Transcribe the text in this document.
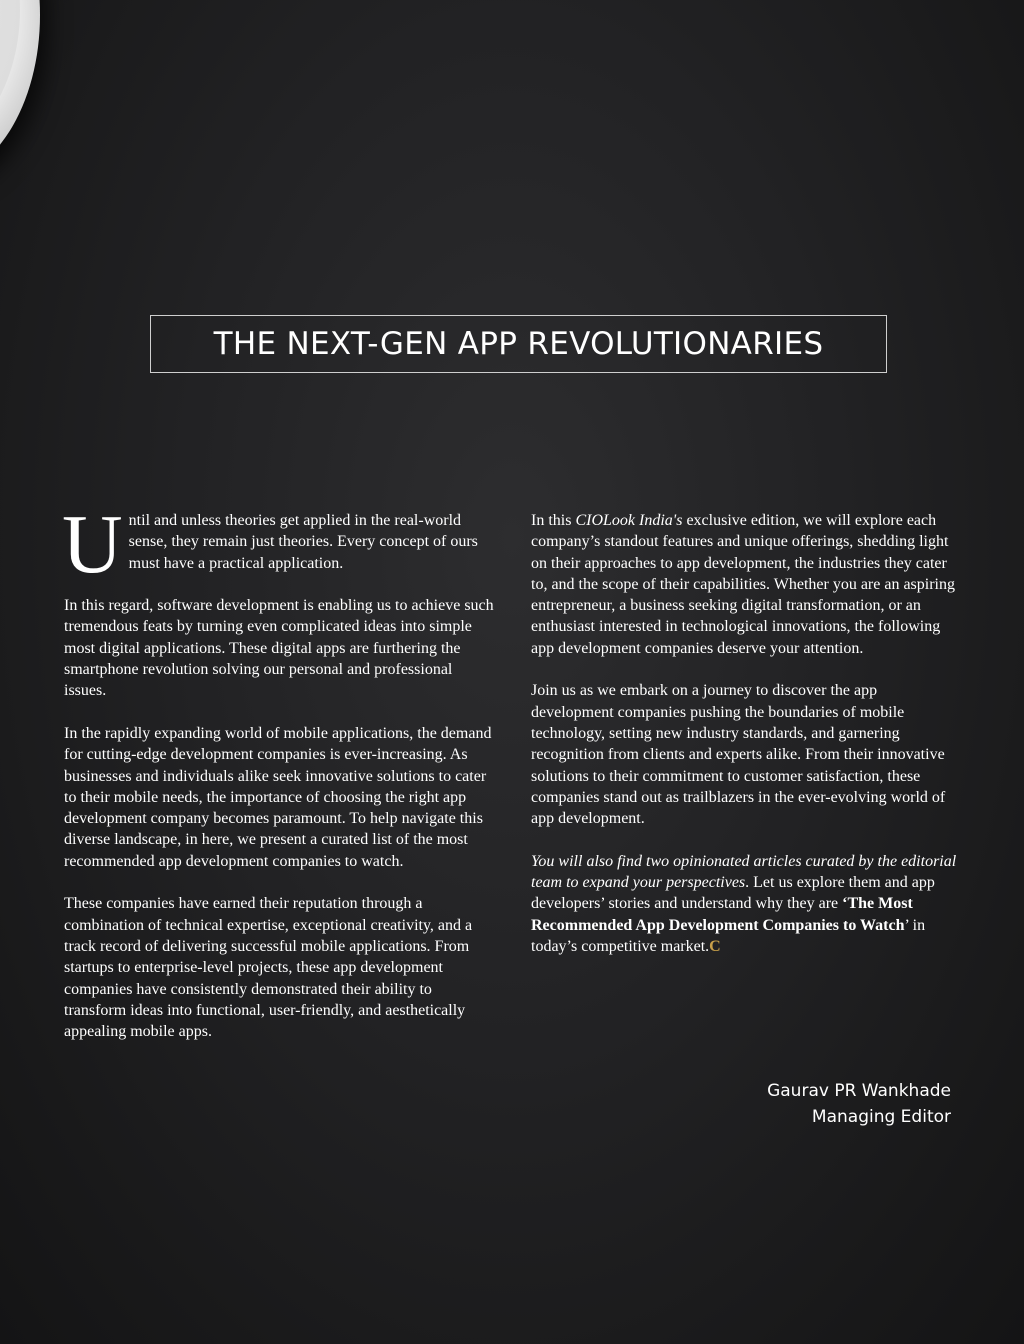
THE NEXT-GEN APP REVOLUTIONARIES

Until and unless theories get applied in the real-world sense, they remain just theories. Every concept of ours must have a practical application.

In this regard, software development is enabling us to achieve such tremendous feats by turning even complicated ideas into simple most digital applications. These digital apps are furthering the smartphone revolution solving our personal and professional issues.

In the rapidly expanding world of mobile applications, the demand for cutting-edge development companies is ever-increasing. As businesses and individuals alike seek innovative solutions to cater to their mobile needs, the importance of choosing the right app development company becomes paramount. To help navigate this diverse landscape, in here, we present a curated list of the most recommended app development companies to watch.

These companies have earned their reputation through a combination of technical expertise, exceptional creativity, and a track record of delivering successful mobile applications. From startups to enterprise-level projects, these app development companies have consistently demonstrated their ability to transform ideas into functional, user-friendly, and aesthetically appealing mobile apps.

In this CIOLook India's exclusive edition, we will explore each company’s standout features and unique offerings, shedding light on their approaches to app development, the industries they cater to, and the scope of their capabilities. Whether you are an aspiring entrepreneur, a business seeking digital transformation, or an enthusiast interested in technological innovations, the following app development companies deserve your attention.

Join us as we embark on a journey to discover the app development companies pushing the boundaries of mobile technology, setting new industry standards, and garnering recognition from clients and experts alike. From their innovative solutions to their commitment to customer satisfaction, these companies stand out as trailblazers in the ever-evolving world of app development.

You will also find two opinionated articles curated by the editorial team to expand your perspectives. Let us explore them and app developers’ stories and understand why they are ‘The Most Recommended App Development Companies to Watch’ in today’s competitive market.C

Gaurav PR Wankhade
Managing Editor
